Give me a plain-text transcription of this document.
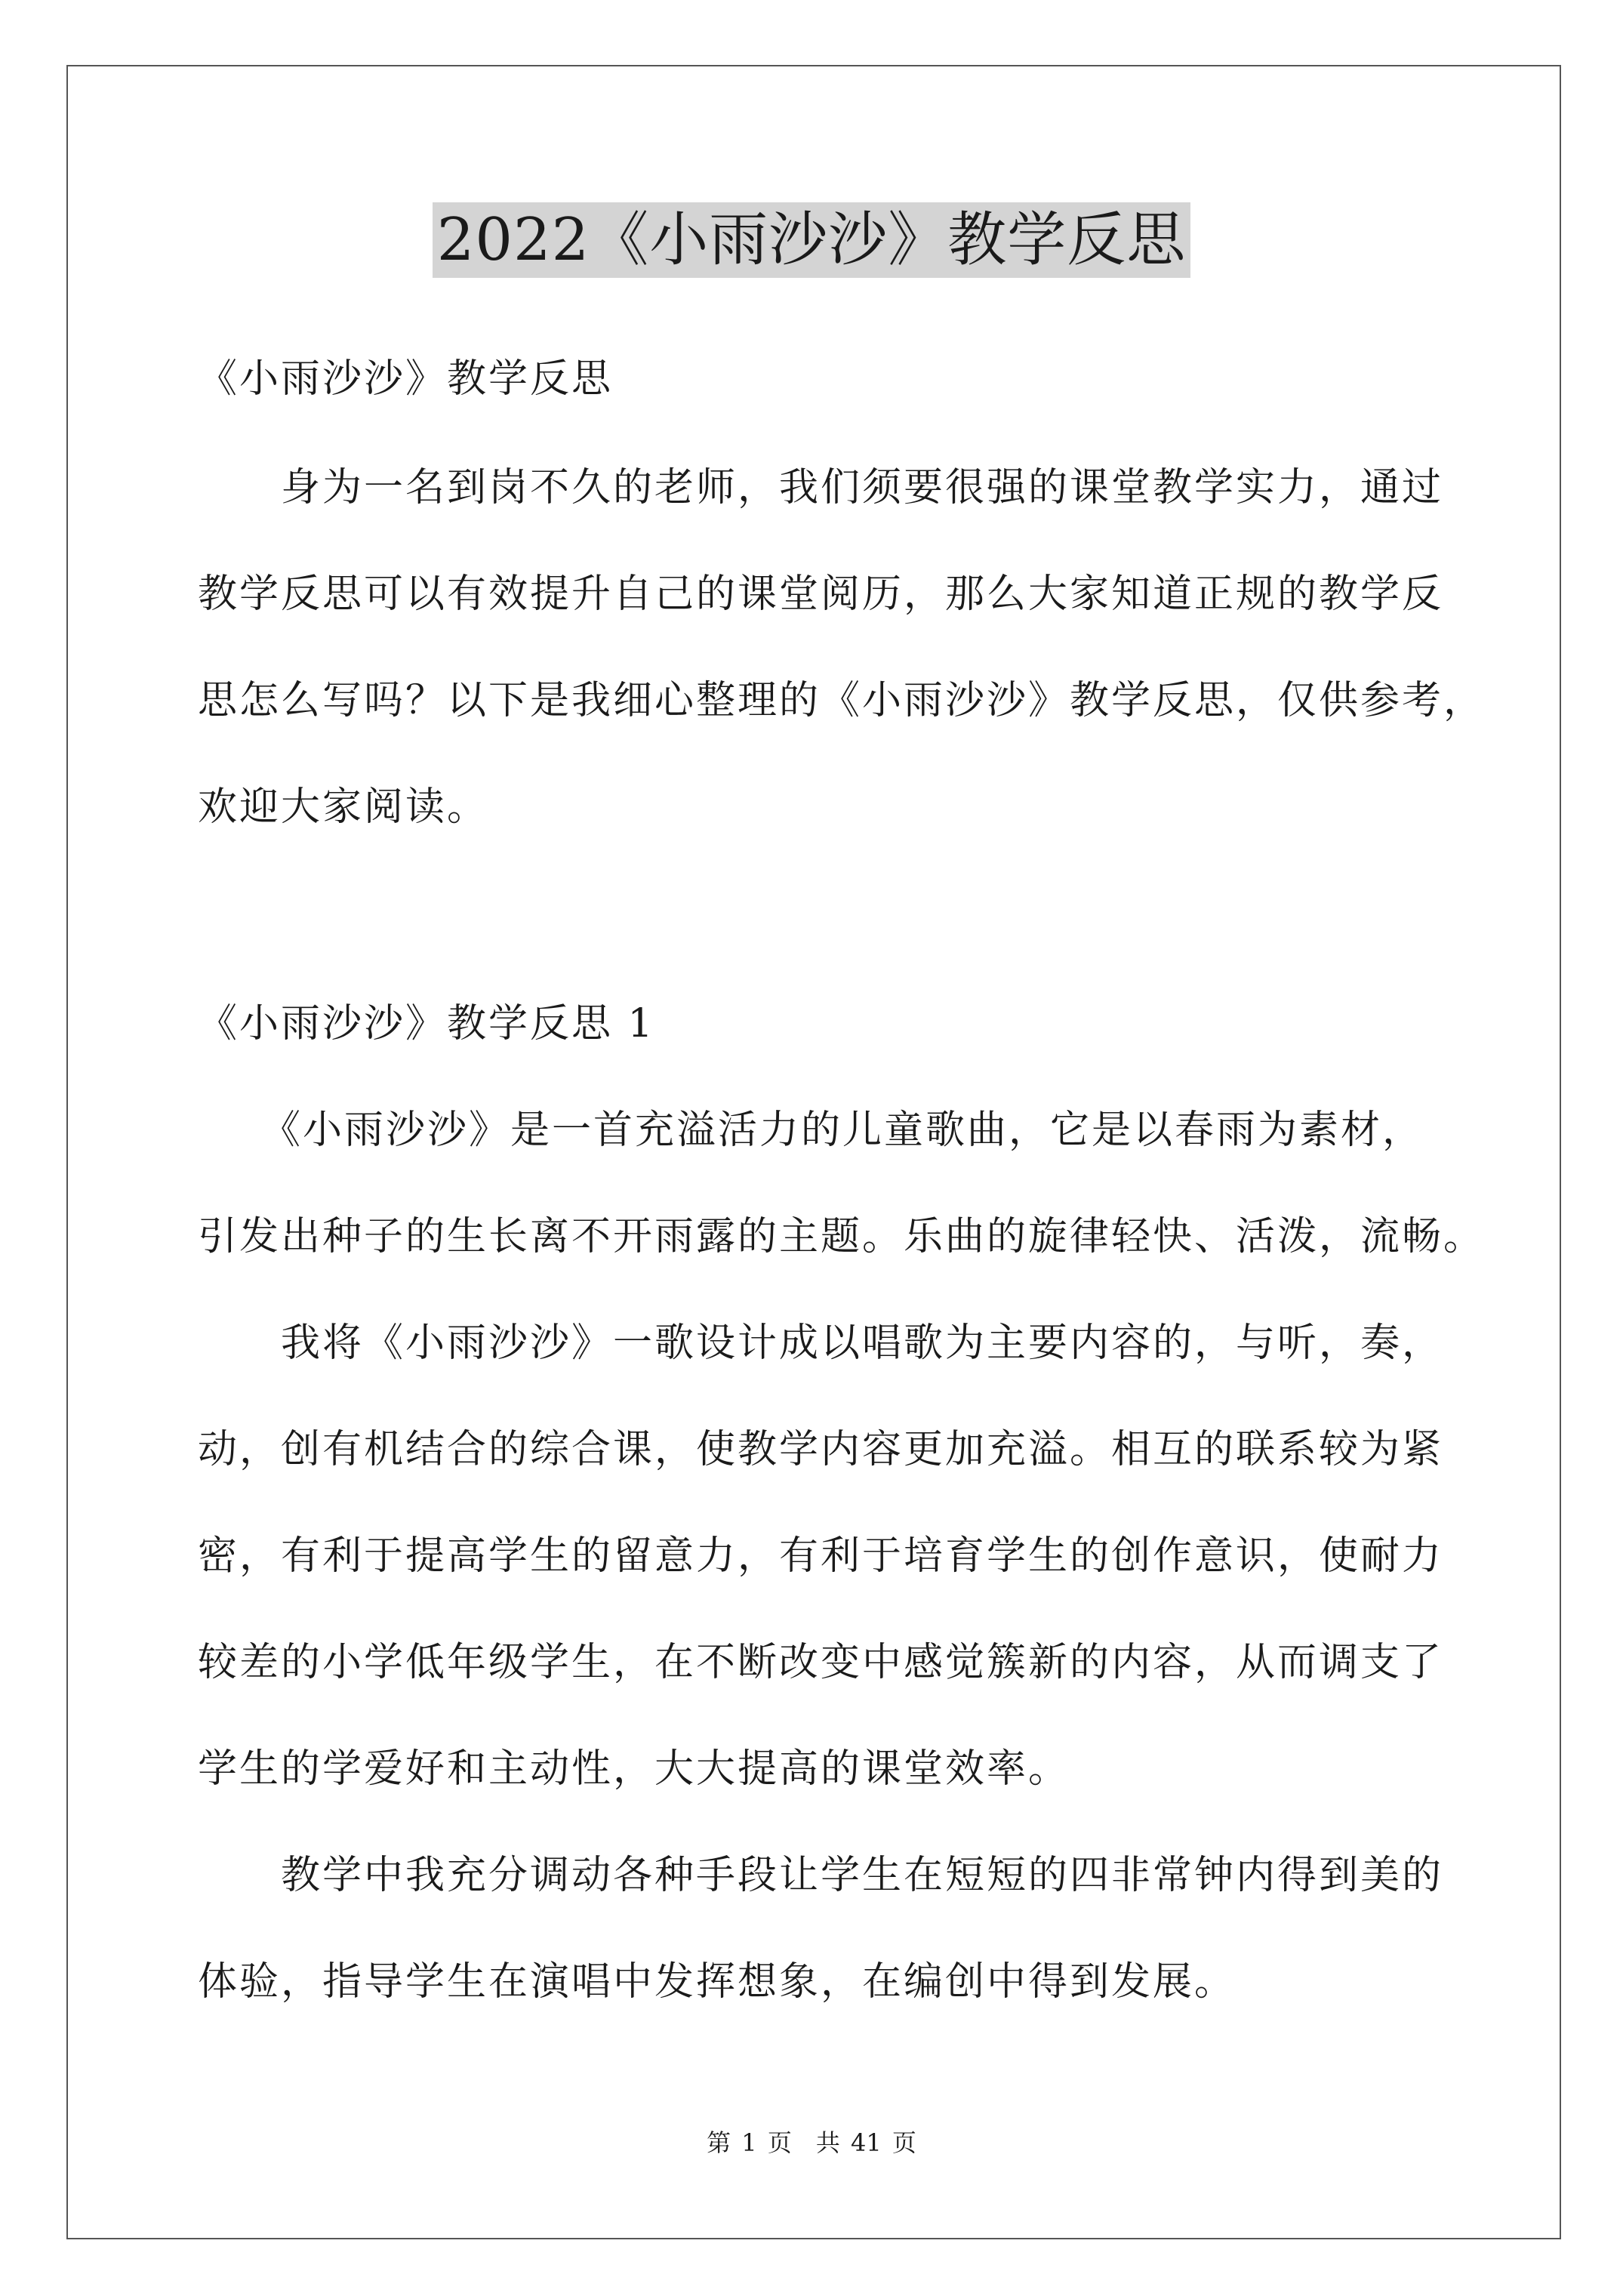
2022《小雨沙沙》教学反思
《小雨沙沙》教学反思
　　身为一名到岗不久的老师，我们须要很强的课堂教学实力，通过
教学反思可以有效提升自己的课堂阅历，那么大家知道正规的教学反
思怎么写吗？以下是我细心整理的《小雨沙沙》教学反思，仅供参考，
欢迎大家阅读。
《小雨沙沙》教学反思 1
　　《小雨沙沙》是一首充溢活力的儿童歌曲，它是以春雨为素材，
引发出种子的生长离不开雨露的主题。乐曲的旋律轻快、活泼，流畅。
　　我将《小雨沙沙》一歌设计成以唱歌为主要内容的，与听，奏，
动，创有机结合的综合课，使教学内容更加充溢。相互的联系较为紧
密，有利于提高学生的留意力，有利于培育学生的创作意识，使耐力
较差的小学低年级学生，在不断改变中感觉簇新的内容，从而调支了
学生的学爱好和主动性，大大提高的课堂效率。
　　教学中我充分调动各种手段让学生在短短的四非常钟内得到美的
体验，指导学生在演唱中发挥想象，在编创中得到发展。
第 1 页　共 41 页
